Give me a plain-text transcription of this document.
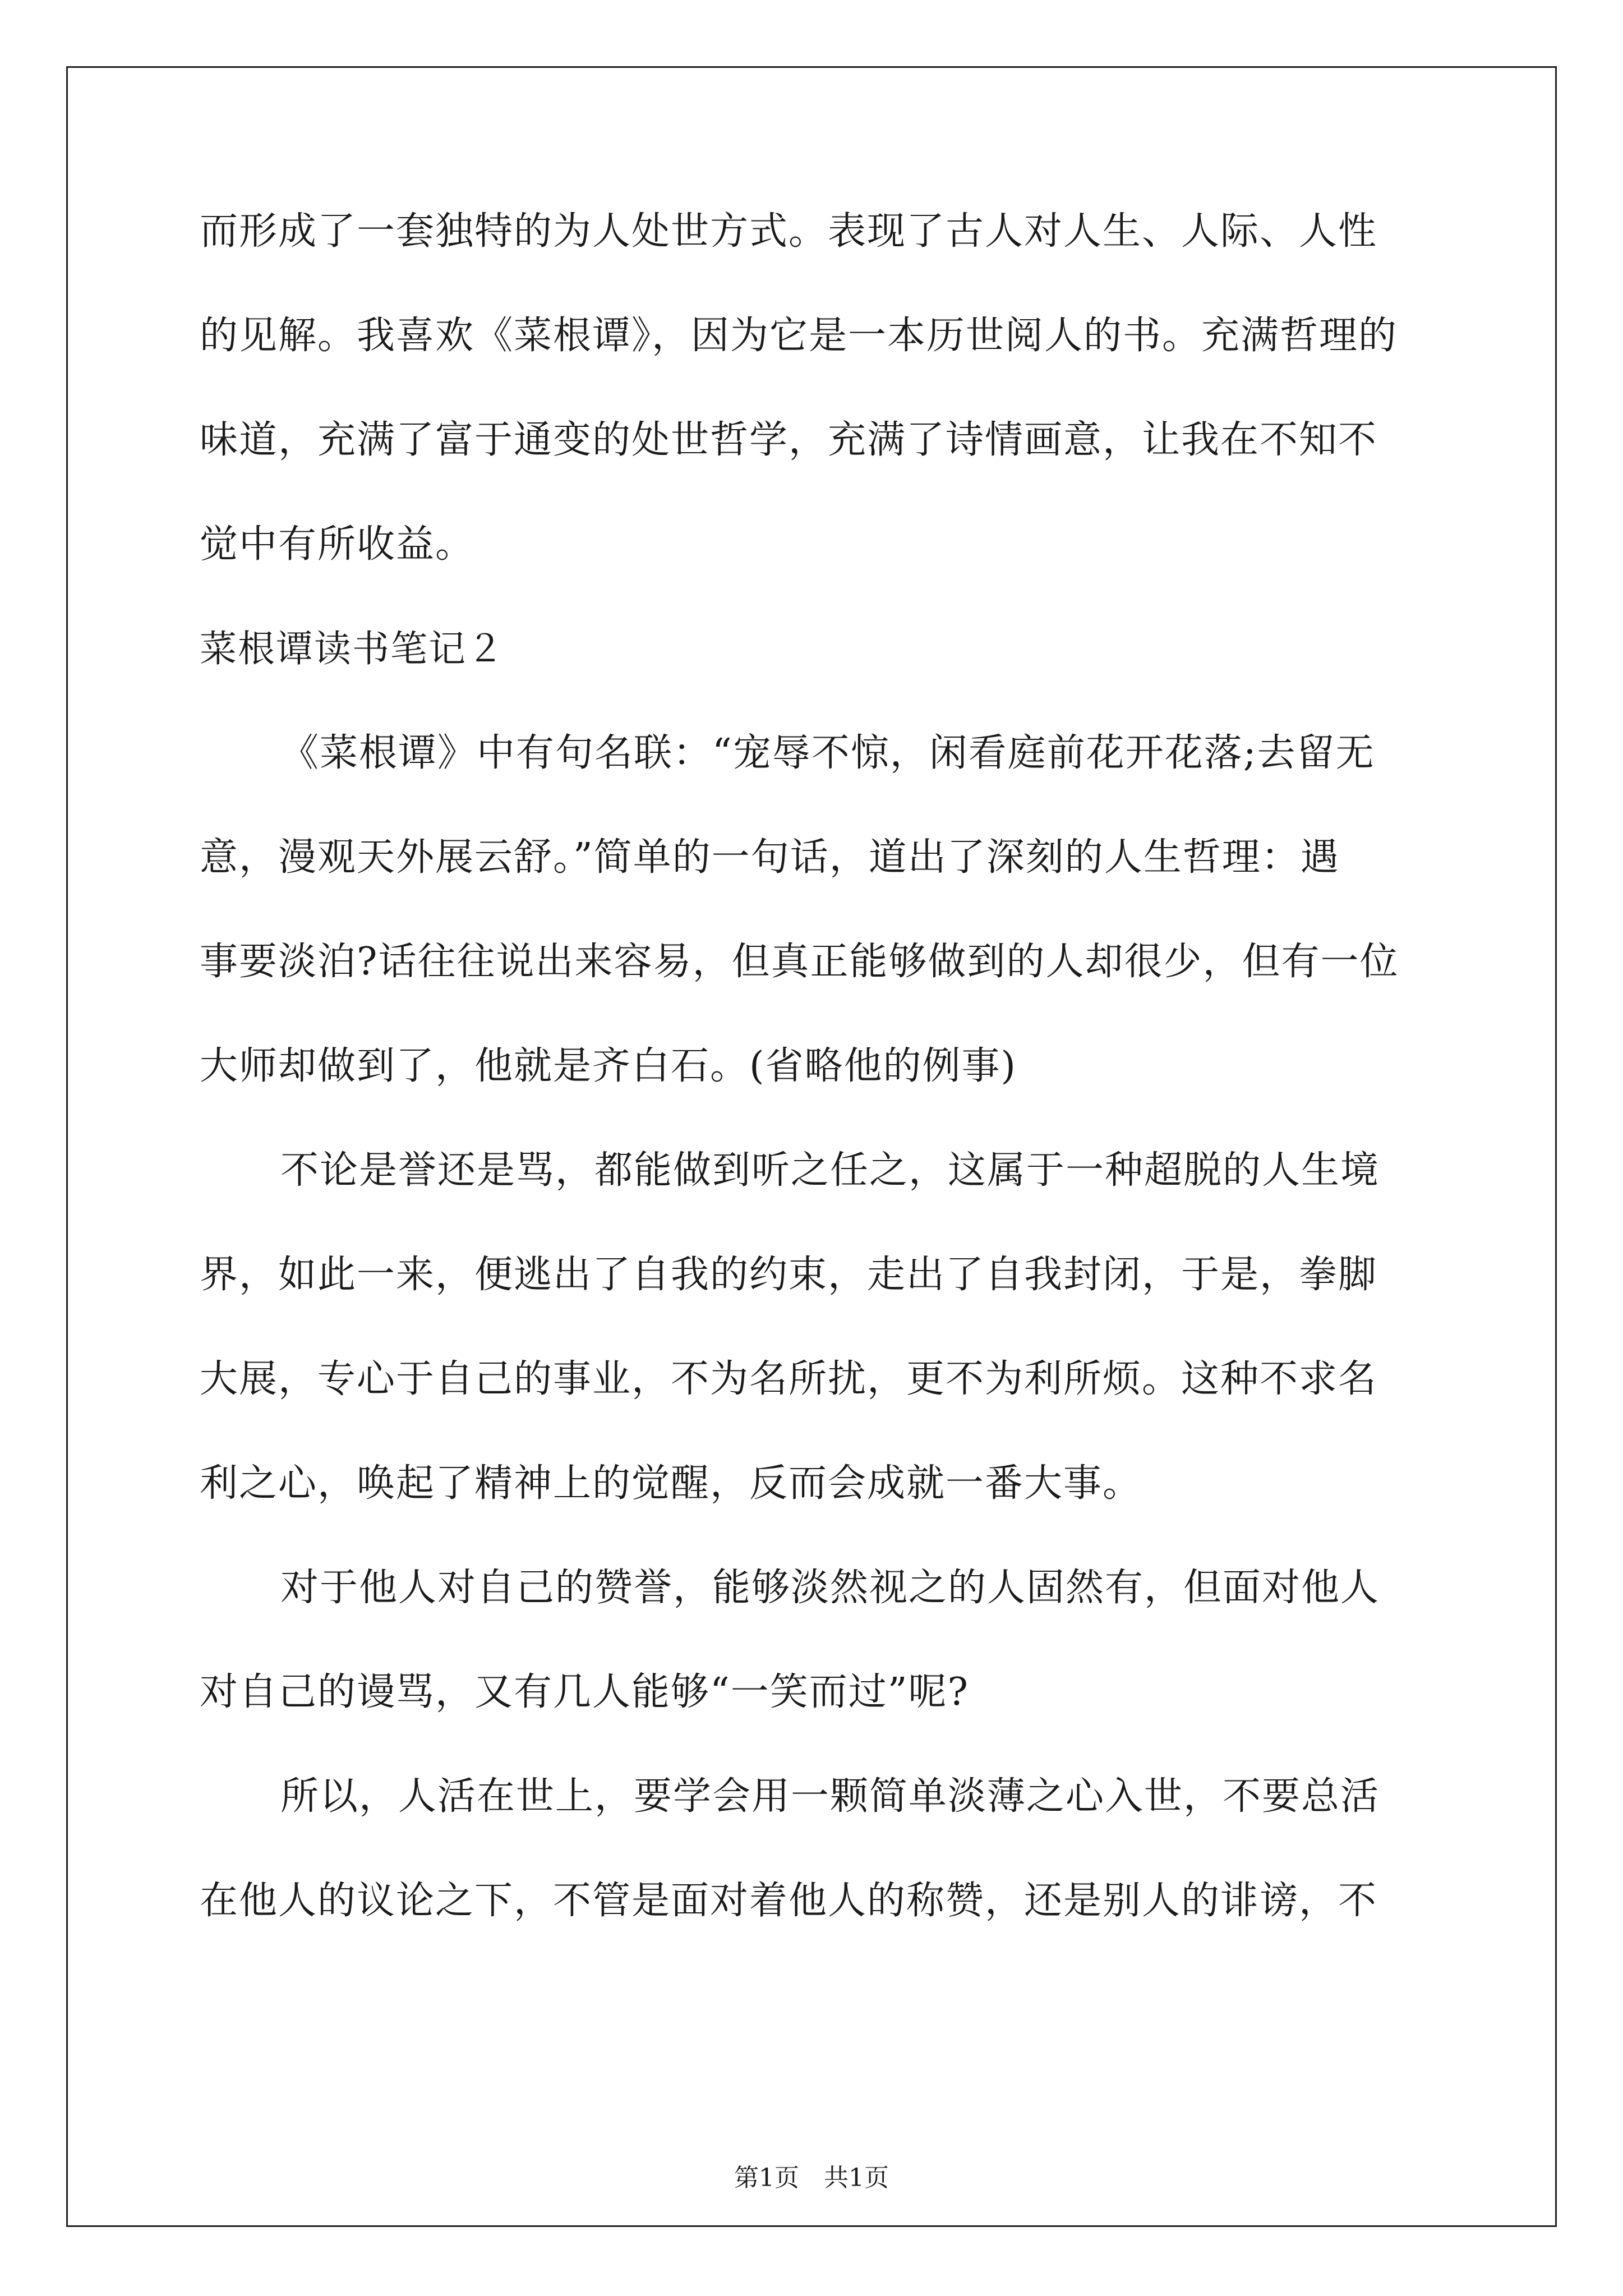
而形成了一套独特的为人处世方式。表现了古人对人生、人际、人性
的见解。我喜欢《菜根谭》，因为它是一本历世阅人的书。充满哲理的
味道，充满了富于通变的处世哲学，充满了诗情画意，让我在不知不
觉中有所收益。
菜根谭读书笔记２
《菜根谭》中有句名联：“宠辱不惊，闲看庭前花开花落;去留无
意，漫观天外展云舒。”简单的一句话，道出了深刻的人生哲理：遇
事要淡泊?话往往说出来容易，但真正能够做到的人却很少，但有一位
大师却做到了，他就是齐白石。(省略他的例事)
不论是誉还是骂，都能做到听之任之，这属于一种超脱的人生境
界，如此一来，便逃出了自我的约束，走出了自我封闭，于是，拳脚
大展，专心于自己的事业，不为名所扰，更不为利所烦。这种不求名
利之心，唤起了精神上的觉醒，反而会成就一番大事。
对于他人对自己的赞誉，能够淡然视之的人固然有，但面对他人
对自己的谩骂，又有几人能够“一笑而过”呢?
所以，人活在世上，要学会用一颗简单淡薄之心入世，不要总活
在他人的议论之下，不管是面对着他人的称赞，还是别人的诽谤，不
第1页　共1页
